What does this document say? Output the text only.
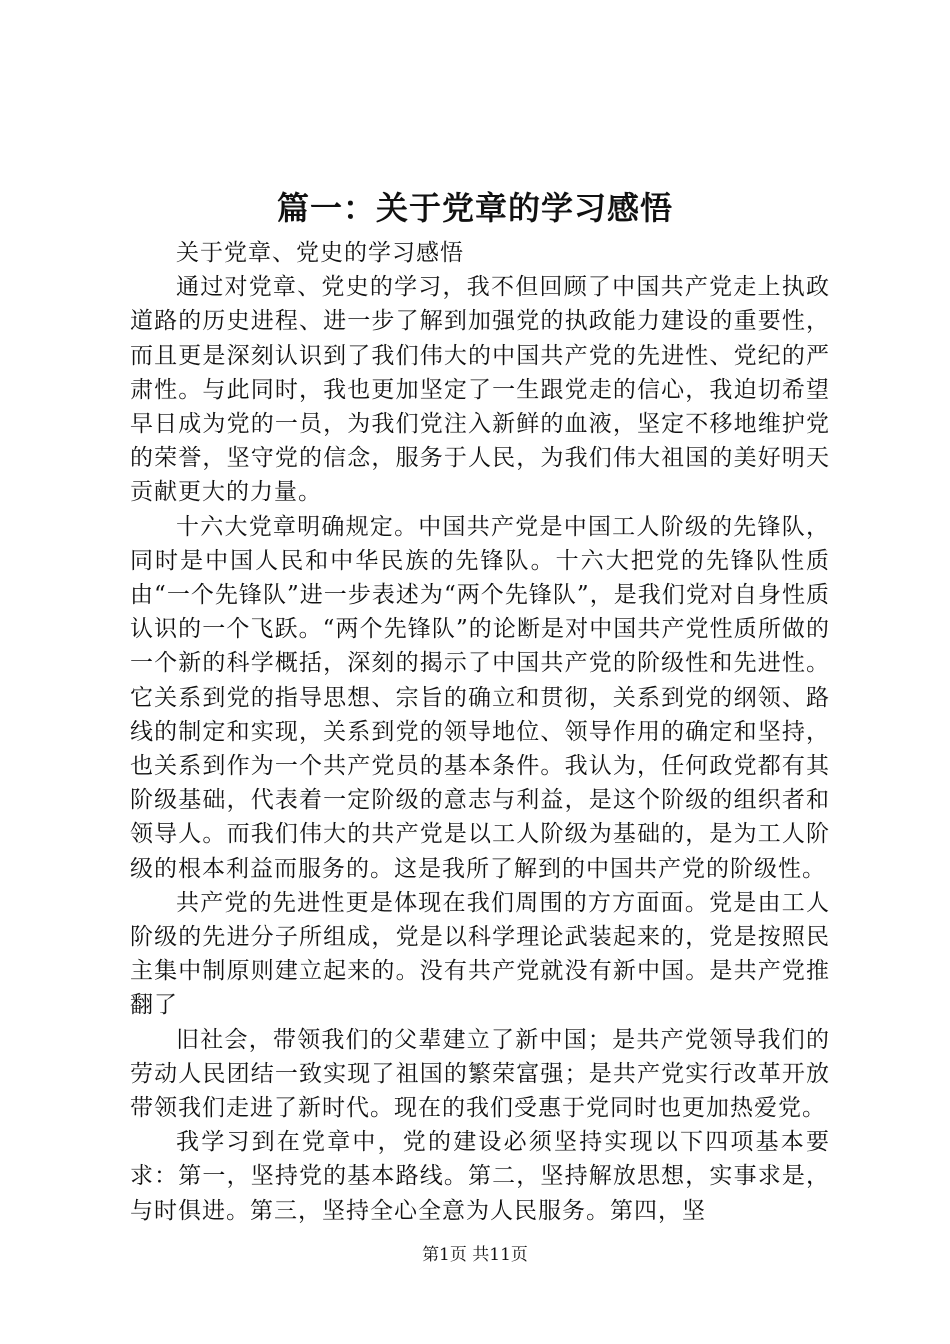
篇一：关于党章的学习感悟

关于党章、党史的学习感悟

通过对党章、党史的学习，我不但回顾了中国共产党走上执政道路的历史进程、进一步了解到加强党的执政能力建设的重要性，而且更是深刻认识到了我们伟大的中国共产党的先进性、党纪的严肃性。与此同时，我也更加坚定了一生跟党走的信心，我迫切希望早日成为党的一员，为我们党注入新鲜的血液，坚定不移地维护党的荣誉，坚守党的信念，服务于人民，为我们伟大祖国的美好明天贡献更大的力量。

十六大党章明确规定。中国共产党是中国工人阶级的先锋队，同时是中国人民和中华民族的先锋队。十六大把党的先锋队性质由“一个先锋队”进一步表述为“两个先锋队”，是我们党对自身性质认识的一个飞跃。“两个先锋队”的论断是对中国共产党性质所做的一个新的科学概括，深刻的揭示了中国共产党的阶级性和先进性。它关系到党的指导思想、宗旨的确立和贯彻，关系到党的纲领、路线的制定和实现，关系到党的领导地位、领导作用的确定和坚持，也关系到作为一个共产党员的基本条件。我认为，任何政党都有其阶级基础，代表着一定阶级的意志与利益，是这个阶级的组织者和领导人。而我们伟大的共产党是以工人阶级为基础的，是为工人阶级的根本利益而服务的。这是我所了解到的中国共产党的阶级性。

共产党的先进性更是体现在我们周围的方方面面。党是由工人阶级的先进分子所组成，党是以科学理论武装起来的，党是按照民主集中制原则建立起来的。没有共产党就没有新中国。是共产党推翻了

旧社会，带领我们的父辈建立了新中国；是共产党领导我们的劳动人民团结一致实现了祖国的繁荣富强；是共产党实行改革开放带领我们走进了新时代。现在的我们受惠于党同时也更加热爱党。

我学习到在党章中，党的建设必须坚持实现以下四项基本要求：第一，坚持党的基本路线。第二，坚持解放思想，实事求是，与时俱进。第三，坚持全心全意为人民服务。第四，坚

第1页 共11页
